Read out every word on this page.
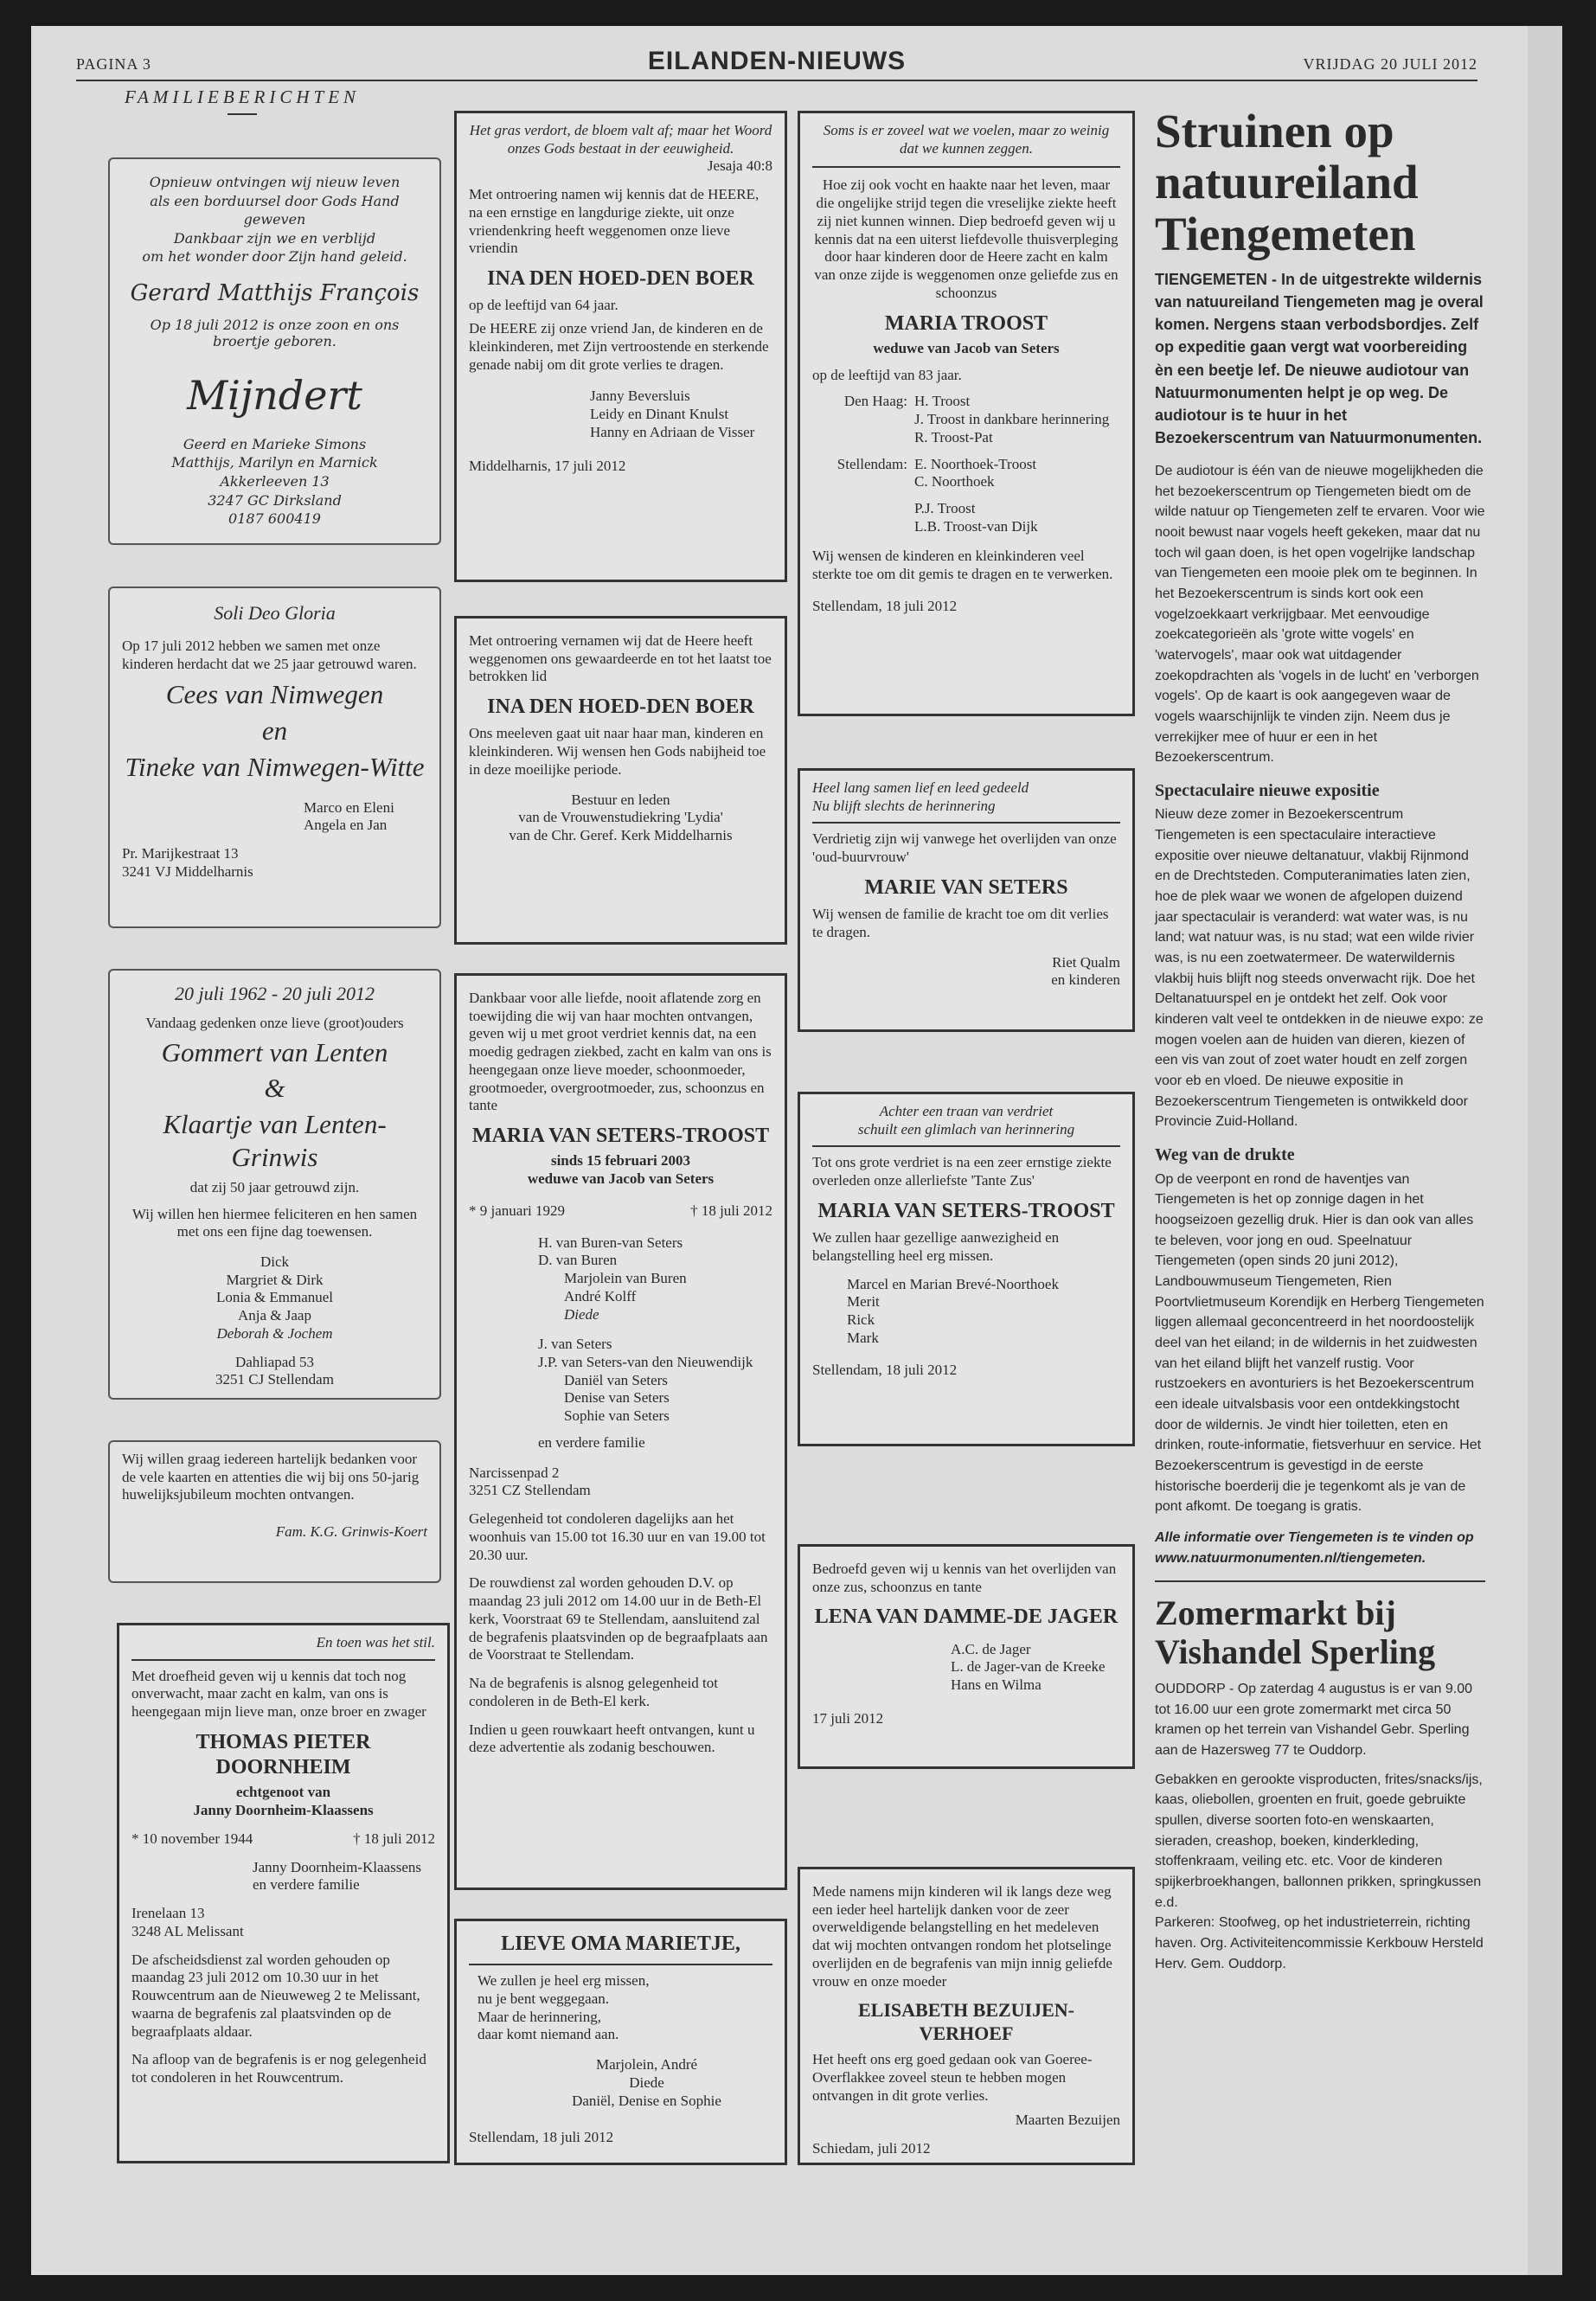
PAGINA 3	EILANDEN-NIEUWS	VRIJDAG 20 JULI 2012
FAMILIEBERICHTEN
Opnieuw ontvingen wij nieuw leven
als een borduursel door Gods Hand geweven
Dankbaar zijn we en verblijd
om het wonder door Zijn hand geleid.
Gerard Matthijs François
Op 18 juli 2012 is onze zoon en ons broertje geboren.
Mijndert
Geerd en Marieke Simons
Matthijs, Marilyn en Marnick
Akkerleeven 13
3247 GC Dirksland
0187 600419
Soli Deo Gloria
Op 17 juli 2012 hebben we samen met onze kinderen herdacht dat we 25 jaar getrouwd waren.
Cees van Nimwegen
en
Tineke van Nimwegen-Witte
Marco en Eleni
Angela en Jan
Pr. Marijkestraat 13
3241 VJ Middelharnis
20 juli 1962 - 20 juli 2012
Vandaag gedenken onze lieve (groot)ouders
Gommert van Lenten
&
Klaartje van Lenten-Grinwis
dat zij 50 jaar getrouwd zijn.
Wij willen hen hiermee feliciteren en hen samen met ons een fijne dag toewensen.
Dick
Margriet & Dirk
Lonia & Emmanuel
Anja & Jaap
Deborah & Jochem
Dahliapad 53
3251 CJ Stellendam
Wij willen graag iedereen hartelijk bedanken voor de vele kaarten en attenties die wij bij ons 50-jarig huwelijksjubileum mochten ontvangen.
Fam. K.G. Grinwis-Koert
En toen was het stil.
Met droefheid geven wij u kennis dat toch nog onverwacht, maar zacht en kalm, van ons is heengegaan mijn lieve man, onze broer en zwager
THOMAS PIETER DOORNHEIM
echtgenoot van
Janny Doornheim-Klaassens
* 10 november 1944	† 18 juli 2012
Janny Doornheim-Klaassens
en verdere familie
Irenelaan 13
3248 AL Melissant
De afscheidsdienst zal worden gehouden op maandag 23 juli 2012 om 10.30 uur in het Rouwcentrum aan de Nieuweweg 2 te Melissant, waarna de begrafenis zal plaatsvinden op de begraafplaats aldaar.
Na afloop van de begrafenis is er nog gelegenheid tot condoleren in het Rouwcentrum.
Het gras verdort, de bloem valt af; maar het Woord onzes Gods bestaat in der eeuwigheid.
Jesaja 40:8
Met ontroering namen wij kennis dat de HEERE, na een ernstige en langdurige ziekte, uit onze vriendenkring heeft weggenomen onze lieve vriendin
INA DEN HOED-DEN BOER
op de leeftijd van 64 jaar.
De HEERE zij onze vriend Jan, de kinderen en de kleinkinderen, met Zijn vertroostende en sterkende genade nabij om dit grote verlies te dragen.
Janny Beversluis
Leidy en Dinant Knulst
Hanny en Adriaan de Visser
Middelharnis, 17 juli 2012
Met ontroering vernamen wij dat de Heere heeft weggenomen ons gewaardeerde en tot het laatst toe betrokken lid
INA DEN HOED-DEN BOER
Ons meeleven gaat uit naar haar man, kinderen en kleinkinderen. Wij wensen hen Gods nabijheid toe in deze moeilijke periode.
Bestuur en leden
van de Vrouwenstudiekring 'Lydia'
van de Chr. Geref. Kerk Middelharnis
Dankbaar voor alle liefde, nooit aflatende zorg en toewijding die wij van haar mochten ontvangen, geven wij u met groot verdriet kennis dat, na een moedig gedragen ziekbed, zacht en kalm van ons is heengegaan onze lieve moeder, schoonmoeder, grootmoeder, overgrootmoeder, zus, schoonzus en tante
MARIA VAN SETERS-TROOST
sinds 15 februari 2003
weduwe van Jacob van Seters
* 9 januari 1929	† 18 juli 2012
H. van Buren-van Seters
D. van Buren
Marjolein van Buren
André Kolff
Diede
J. van Seters
J.P. van Seters-van den Nieuwendijk
Daniël van Seters
Denise van Seters
Sophie van Seters
en verdere familie
Narcissenpad 2
3251 CZ Stellendam
Gelegenheid tot condoleren dagelijks aan het woonhuis van 15.00 tot 16.30 uur en van 19.00 tot 20.30 uur.
De rouwdienst zal worden gehouden D.V. op maandag 23 juli 2012 om 14.00 uur in de Beth-El kerk, Voorstraat 69 te Stellendam, aansluitend zal de begrafenis plaatsvinden op de begraafplaats aan de Voorstraat te Stellendam.
Na de begrafenis is alsnog gelegenheid tot condoleren in de Beth-El kerk.
Indien u geen rouwkaart heeft ontvangen, kunt u deze advertentie als zodanig beschouwen.
LIEVE OMA MARIETJE,
We zullen je heel erg missen,
nu je bent weggegaan.
Maar de herinnering,
daar komt niemand aan.
Marjolein, André
Diede
Daniël, Denise en Sophie
Stellendam, 18 juli 2012
Soms is er zoveel wat we voelen, maar zo weinig dat we kunnen zeggen.
Hoe zij ook vocht en haakte naar het leven, maar die ongelijke strijd tegen die vreselijke ziekte heeft zij niet kunnen winnen. Diep bedroefd geven wij u kennis dat na een uiterst liefdevolle thuisverpleging door haar kinderen door de Heere zacht en kalm van onze zijde is weggenomen onze geliefde zus en schoonzus
MARIA TROOST
weduwe van Jacob van Seters
op de leeftijd van 83 jaar.
Den Haag: H. Troost
J. Troost in dankbare herinnering
R. Troost-Pat
Stellendam: E. Noorthoek-Troost
C. Noorthoek
P.J. Troost
L.B. Troost-van Dijk
Wij wensen de kinderen en kleinkinderen veel sterkte toe om dit gemis te dragen en te verwerken.
Stellendam, 18 juli 2012
Heel lang samen lief en leed gedeeld
Nu blijft slechts de herinnering
Verdrietig zijn wij vanwege het overlijden van onze 'oud-buurvrouw'
MARIE VAN SETERS
Wij wensen de familie de kracht toe om dit verlies te dragen.
Riet Qualm
en kinderen
Achter een traan van verdriet
schuilt een glimlach van herinnering
Tot ons grote verdriet is na een zeer ernstige ziekte overleden onze allerliefste 'Tante Zus'
MARIA VAN SETERS-TROOST
We zullen haar gezellige aanwezigheid en belangstelling heel erg missen.
Marcel en Marian Brevé-Noorthoek
Merit
Rick
Mark
Stellendam, 18 juli 2012
Bedroefd geven wij u kennis van het overlijden van onze zus, schoonzus en tante
LENA VAN DAMME-DE JAGER
A.C. de Jager
L. de Jager-van de Kreeke
Hans en Wilma
17 juli 2012
Mede namens mijn kinderen wil ik langs deze weg een ieder heel hartelijk danken voor de zeer overweldigende belangstelling en het medeleven dat wij mochten ontvangen rondom het plotselinge overlijden en de begrafenis van mijn innig geliefde vrouw en onze moeder
ELISABETH BEZUIJEN-VERHOEF
Het heeft ons erg goed gedaan ook van Goeree-Overflakkee zoveel steun te hebben mogen ontvangen in dit grote verlies.
Maarten Bezuijen
Schiedam, juli 2012
Struinen op natuureiland Tiengemeten
TIENGEMETEN - In de uitgestrekte wildernis van natuureiland Tiengemeten mag je overal komen. Nergens staan verbodsbordjes. Zelf op expeditie gaan vergt wat voorbereiding èn een beetje lef. De nieuwe audiotour van Natuurmonumenten helpt je op weg. De audiotour is te huur in het Bezoekerscentrum van Natuurmonumenten.
De audiotour is één van de nieuwe mogelijkheden die het bezoekerscentrum op Tiengemeten biedt om de wilde natuur op Tiengemeten zelf te ervaren. Voor wie nooit bewust naar vogels heeft gekeken, maar dat nu toch wil gaan doen, is het open vogelrijke landschap van Tiengemeten een mooie plek om te beginnen. In het Bezoekerscentrum is sinds kort ook een vogelzoekkaart verkrijgbaar. Met eenvoudige zoekcategorieën als 'grote witte vogels' en 'watervogels', maar ook wat uitdagender zoekopdrachten als 'vogels in de lucht' en 'verborgen vogels'. Op de kaart is ook aangegeven waar de vogels waarschijnlijk te vinden zijn. Neem dus je verrekijker mee of huur er een in het Bezoekerscentrum.
Spectaculaire nieuwe expositie
Nieuw deze zomer in Bezoekerscentrum Tiengemeten is een spectaculaire interactieve expositie over nieuwe deltanatuur, vlakbij Rijnmond en de Drechtsteden. Computeranimaties laten zien, hoe de plek waar we wonen de afgelopen duizend jaar spectaculair is veranderd: wat water was, is nu land; wat natuur was, is nu stad; wat een wilde rivier was, is nu een zoetwatermeer. De waterwildernis vlakbij huis blijft nog steeds onverwacht rijk. Doe het Deltanatuurspel en je ontdekt het zelf. Ook voor kinderen valt veel te ontdekken in de nieuwe expo: ze mogen voelen aan de huiden van dieren, kiezen of een vis van zout of zoet water houdt en zelf zorgen voor eb en vloed. De nieuwe expositie in Bezoekerscentrum Tiengemeten is ontwikkeld door Provincie Zuid-Holland.
Weg van de drukte
Op de veerpont en rond de haventjes van Tiengemeten is het op zonnige dagen in het hoogseizoen gezellig druk. Hier is dan ook van alles te beleven, voor jong en oud. Speelnatuur Tiengemeten (open sinds 20 juni 2012), Landbouwmuseum Tiengemeten, Rien Poortvlietmuseum Korendijk en Herberg Tiengemeten liggen allemaal geconcentreerd in het noordoostelijk deel van het eiland; in de wildernis in het zuidwesten van het eiland blijft het vanzelf rustig. Voor rustzoekers en avonturiers is het Bezoekerscentrum een ideale uitvalsbasis voor een ontdekkingstocht door de wildernis. Je vindt hier toiletten, eten en drinken, route-informatie, fietsverhuur en service. Het Bezoekerscentrum is gevestigd in de eerste historische boerderij die je tegenkomt als je van de pont afkomt. De toegang is gratis.
Alle informatie over Tiengemeten is te vinden op www.natuurmonumenten.nl/tiengemeten.
Zomermarkt bij Vishandel Sperling
OUDDORP - Op zaterdag 4 augustus is er van 9.00 tot 16.00 uur een grote zomermarkt met circa 50 kramen op het terrein van Vishandel Gebr. Sperling aan de Hazersweg 77 te Ouddorp.
Gebakken en gerookte visproducten, frites/snacks/ijs, kaas, oliebollen, groenten en fruit, goede gebruikte spullen, diverse soorten foto-en wenskaarten, sieraden, creashop, boeken, kinderkleding, stoffenkraam, veiling etc. etc. Voor de kinderen spijkerbroekhangen, ballonnen prikken, springkussen e.d.
Parkeren: Stoofweg, op het industrieterrein, richting haven. Org. Activiteitencommissie Kerkbouw Hersteld Herv. Gem. Ouddorp.
